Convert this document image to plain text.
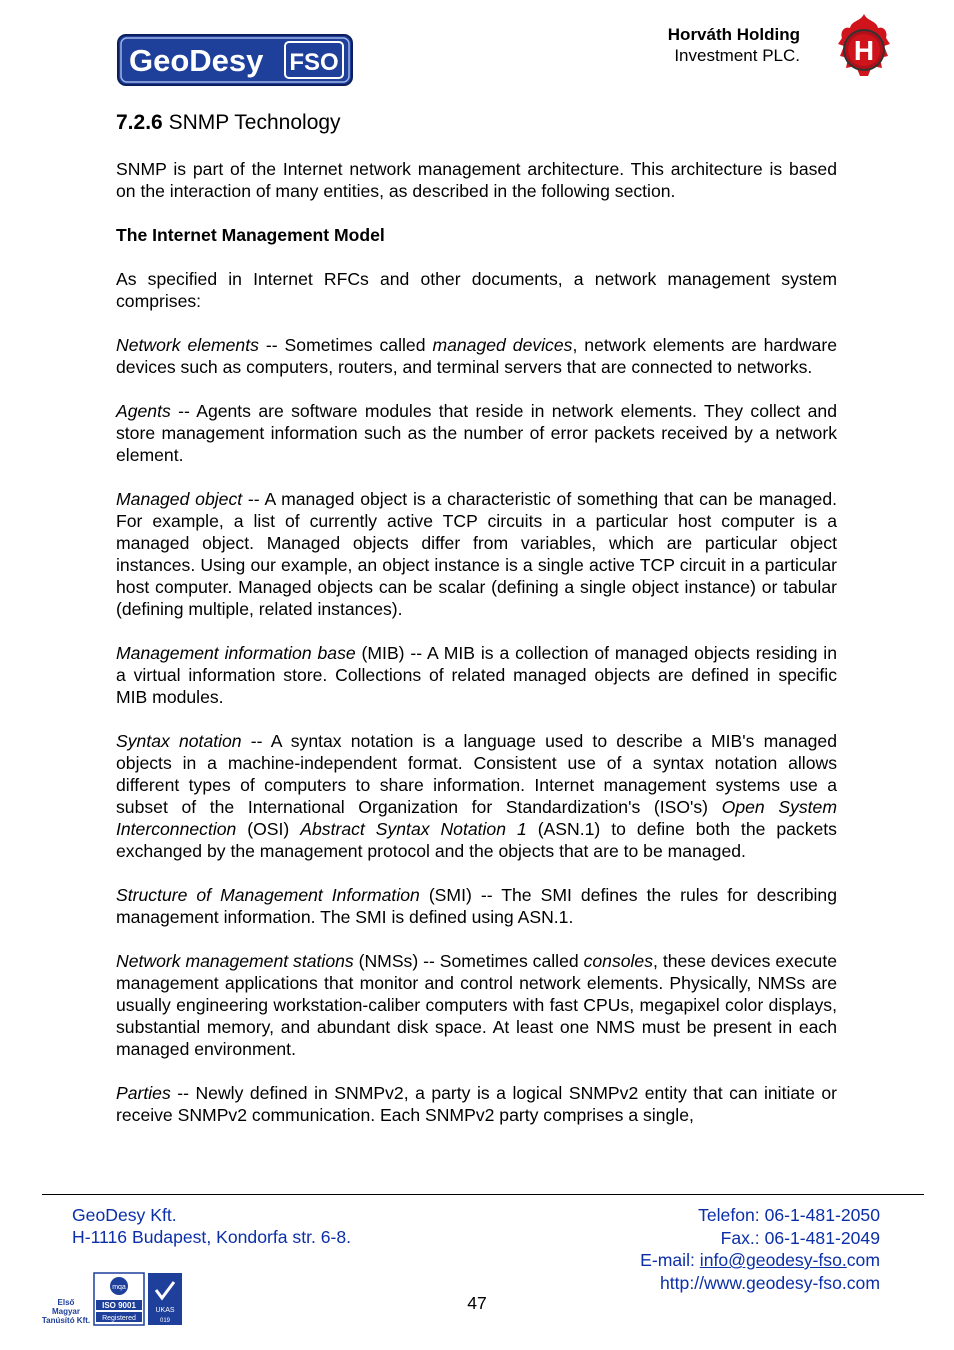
GeoDesy FSO
Horváth Holding
Investment PLC. H
7.2.6 SNMP Technology

SNMP is part of the Internet network management architecture. This architecture is based on the interaction of many entities, as described in the following section.

The Internet Management Model

As specified in Internet RFCs and other documents, a network management system comprises:

Network elements -- Sometimes called managed devices, network elements are hardware devices such as computers, routers, and terminal servers that are connected to networks.

Agents -- Agents are software modules that reside in network elements. They collect and store management information such as the number of error packets received by a network element.

Managed object -- A managed object is a characteristic of something that can be managed. For example, a list of currently active TCP circuits in a particular host computer is a managed object. Managed objects differ from variables, which are particular object instances. Using our example, an object instance is a single active TCP circuit in a particular host computer. Managed objects can be scalar (defining a single object instance) or tabular (defining multiple, related instances).

Management information base (MIB) -- A MIB is a collection of managed objects residing in a virtual information store. Collections of related managed objects are defined in specific MIB modules.

Syntax notation -- A syntax notation is a language used to describe a MIB's managed objects in a machine-independent format. Consistent use of a syntax notation allows different types of computers to share information. Internet management systems use a subset of the International Organization for Standardization's (ISO's) Open System Interconnection (OSI) Abstract Syntax Notation 1 (ASN.1) to define both the packets exchanged by the management protocol and the objects that are to be managed.

Structure of Management Information (SMI) -- The SMI defines the rules for describing management information. The SMI is defined using ASN.1.

Network management stations (NMSs) -- Sometimes called consoles, these devices execute management applications that monitor and control network elements. Physically, NMSs are usually engineering workstation-caliber computers with fast CPUs, megapixel color displays, substantial memory, and abundant disk space. At least one NMS must be present in each managed environment.

Parties -- Newly defined in SNMPv2, a party is a logical SNMPv2 entity that can initiate or receive SNMPv2 communication. Each SNMPv2 party comprises a single,

GeoDesy Kft.
H-1116 Budapest, Kondorfa str. 6-8.
Telefon: 06-1-481-2050
Fax.: 06-1-481-2049
E-mail: info@geodesy-fso.com
http://www.geodesy-fso.com
47
Első
Magyar
Tanúsító Kft.
mqa
ISO 9001
Registered
UKAS
019
